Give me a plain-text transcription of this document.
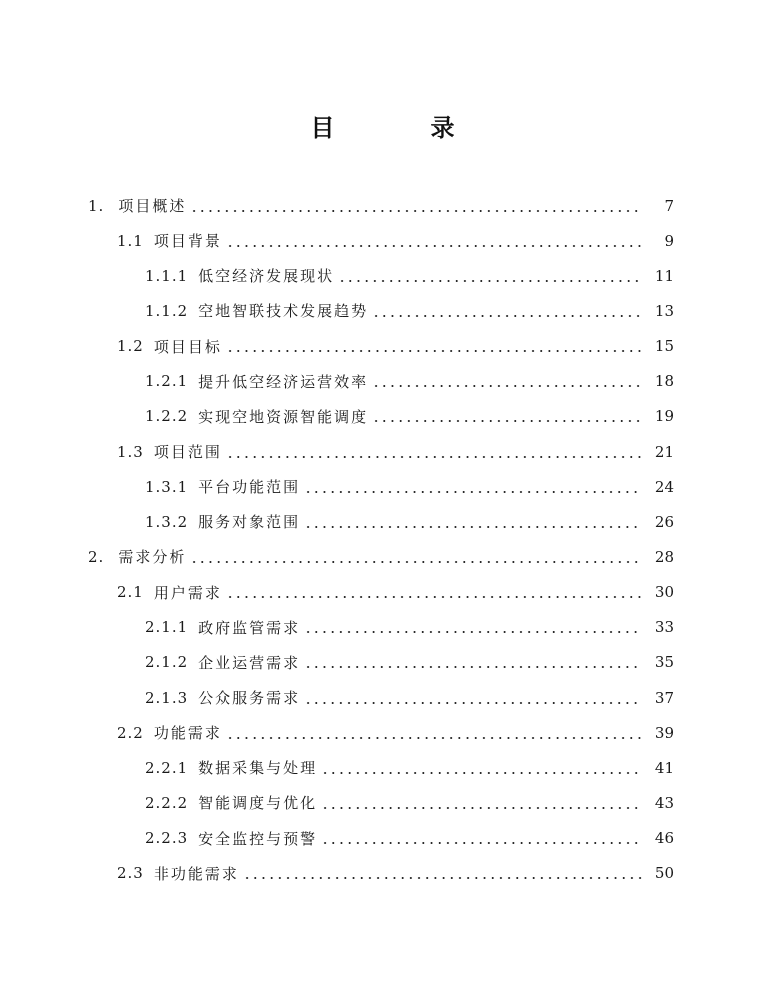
目　录
1. 项目概述	7
1.1 项目背景	9
1.1.1 低空经济发展现状	11
1.1.2 空地智联技术发展趋势	13
1.2 项目目标	15
1.2.1 提升低空经济运营效率	18
1.2.2 实现空地资源智能调度	19
1.3 项目范围	21
1.3.1 平台功能范围	24
1.3.2 服务对象范围	26
2. 需求分析	28
2.1 用户需求	30
2.1.1 政府监管需求	33
2.1.2 企业运营需求	35
2.1.3 公众服务需求	37
2.2 功能需求	39
2.2.1 数据采集与处理	41
2.2.2 智能调度与优化	43
2.2.3 安全监控与预警	46
2.3 非功能需求	50
